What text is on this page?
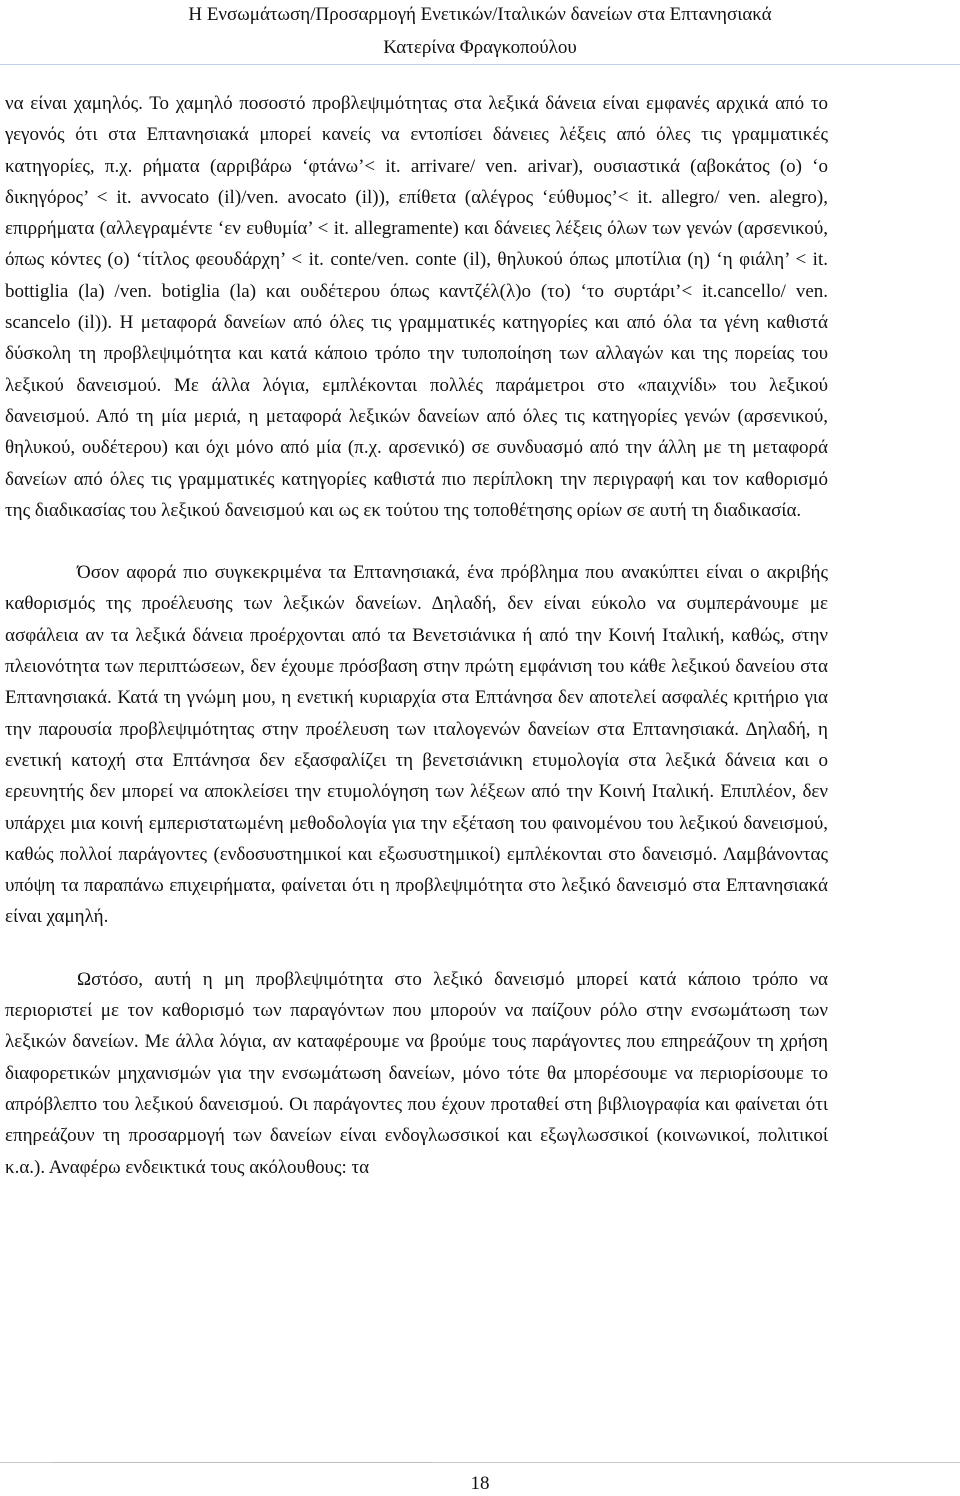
Η Ενσωμάτωση/Προσαρμογή Ενετικών/Ιταλικών δανείων στα Επτανησιακά
Κατερίνα Φραγκοπούλου

να είναι χαμηλός. Το χαμηλό ποσοστό προβλεψιμότητας στα λεξικά δάνεια είναι εμφανές αρχικά από το γεγονός ότι στα Επτανησιακά μπορεί κανείς να εντοπίσει δάνειες λέξεις από όλες τις γραμματικές κατηγορίες, π.χ. ρήματα (αρριβάρω ‘φτάνω’< it. arrivare/ ven. arivar), ουσιαστικά (αβοκάτος (ο) ‘ο δικηγόρος’ < it. avvocato (il)/ven. avocato (il)), επίθετα (αλέγρος ‘εύθυμος’< it. allegro/ ven. alegro), επιρρήματα (αλλεγραμέντε ‘εν ευθυμία’ < it. allegramente) και δάνειες λέξεις όλων των γενών (αρσενικού, όπως κόντες (ο) ‘τίτλος φεουδάρχη’ < it. conte/ven. conte (il), θηλυκού όπως μποτίλια (η) ‘η φιάλη’ < it. bottiglia (la) /ven. botiglia (la) και ουδέτερου όπως καντζέλ(λ)ο (το) ‘το συρτάρι’< it.cancello/ ven. scancelo (il)). Η μεταφορά δανείων από όλες τις γραμματικές κατηγορίες και από όλα τα γένη καθιστά δύσκολη τη προβλεψιμότητα και κατά κάποιο τρόπο την τυποποίηση των αλλαγών και της πορείας του λεξικού δανεισμού. Με άλλα λόγια, εμπλέκονται πολλές παράμετροι στο «παιχνίδι» του λεξικού δανεισμού. Από τη μία μεριά, η μεταφορά λεξικών δανείων από όλες τις κατηγορίες γενών (αρσενικού, θηλυκού, ουδέτερου) και όχι μόνο από μία (π.χ. αρσενικό) σε συνδυασμό από την άλλη με τη μεταφορά δανείων από όλες τις γραμματικές κατηγορίες καθιστά πιο περίπλοκη την περιγραφή και τον καθορισμό της διαδικασίας του λεξικού δανεισμού και ως εκ τούτου της τοποθέτησης ορίων σε αυτή τη διαδικασία.

Όσον αφορά πιο συγκεκριμένα τα Επτανησιακά, ένα πρόβλημα που ανακύπτει είναι ο ακριβής καθορισμός της προέλευσης των λεξικών δανείων. Δηλαδή, δεν είναι εύκολο να συμπεράνουμε με ασφάλεια αν τα λεξικά δάνεια προέρχονται από τα Βενετσιάνικα ή από την Κοινή Ιταλική, καθώς, στην πλειονότητα των περιπτώσεων, δεν έχουμε πρόσβαση στην πρώτη εμφάνιση του κάθε λεξικού δανείου στα Επτανησιακά. Κατά τη γνώμη μου, η ενετική κυριαρχία στα Επτάνησα δεν αποτελεί ασφαλές κριτήριο για την παρουσία προβλεψιμότητας στην προέλευση των ιταλογενών δανείων στα Επτανησιακά. Δηλαδή, η ενετική κατοχή στα Επτάνησα δεν εξασφαλίζει τη βενετσιάνικη ετυμολογία στα λεξικά δάνεια και ο ερευνητής δεν μπορεί να αποκλείσει την ετυμολόγηση των λέξεων από την Κοινή Ιταλική. Επιπλέον, δεν υπάρχει μια κοινή εμπεριστατωμένη μεθοδολογία για την εξέταση του φαινομένου του λεξικού δανεισμού, καθώς πολλοί παράγοντες (ενδοσυστημικοί και εξωσυστημικοί) εμπλέκονται στο δανεισμό. Λαμβάνοντας υπόψη τα παραπάνω επιχειρήματα, φαίνεται ότι η προβλεψιμότητα στο λεξικό δανεισμό στα Επτανησιακά είναι χαμηλή.

Ωστόσο, αυτή η μη προβλεψιμότητα στο λεξικό δανεισμό μπορεί κατά κάποιο τρόπο να περιοριστεί με τον καθορισμό των παραγόντων που μπορούν να παίζουν ρόλο στην ενσωμάτωση των λεξικών δανείων. Με άλλα λόγια, αν καταφέρουμε να βρούμε τους παράγοντες που επηρεάζουν τη χρήση διαφορετικών μηχανισμών για την ενσωμάτωση δανείων, μόνο τότε θα μπορέσουμε να περιορίσουμε το απρόβλεπτο του λεξικού δανεισμού. Οι παράγοντες που έχουν προταθεί στη βιβλιογραφία και φαίνεται ότι επηρεάζουν τη προσαρμογή των δανείων είναι ενδογλωσσικοί και εξωγλωσσικοί (κοινωνικοί, πολιτικοί κ.α.). Αναφέρω ενδεικτικά τους ακόλουθους: τα

18
